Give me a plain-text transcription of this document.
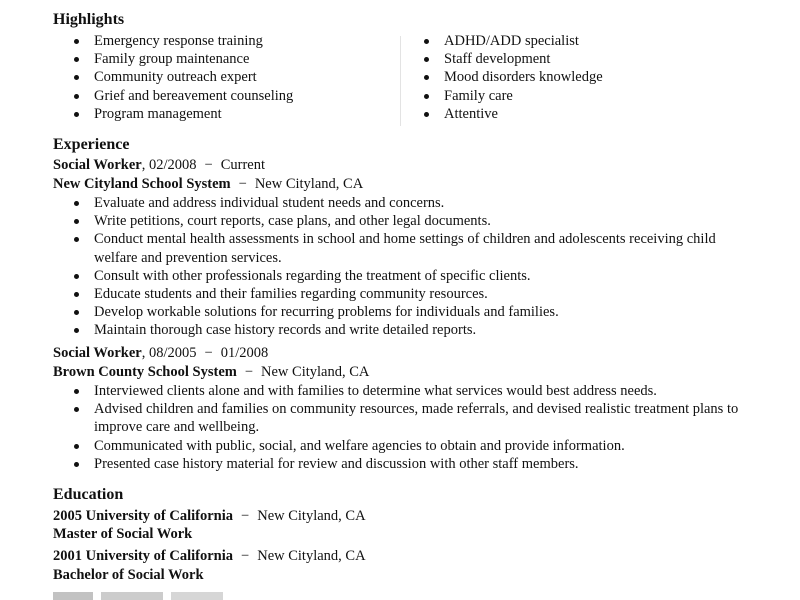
Highlights
Emergency response training
Family group maintenance
Community outreach expert
Grief and bereavement counseling
Program management
ADHD/ADD specialist
Staff development
Mood disorders knowledge
Family care
Attentive
Experience
Social Worker, 02/2008 − Current
New Cityland School System − New Cityland, CA
Evaluate and address individual student needs and concerns.
Write petitions, court reports, case plans, and other legal documents.
Conduct mental health assessments in school and home settings of children and adolescents receiving child welfare and prevention services.
Consult with other professionals regarding the treatment of specific clients.
Educate students and their families regarding community resources.
Develop workable solutions for recurring problems for individuals and families.
Maintain thorough case history records and write detailed reports.
Social Worker, 08/2005 − 01/2008
Brown County School System − New Cityland, CA
Interviewed clients alone and with families to determine what services would best address needs.
Advised children and families on community resources, made referrals, and devised realistic treatment plans to improve care and wellbeing.
Communicated with public, social, and welfare agencies to obtain and provide information.
Presented case history material for review and discussion with other staff members.
Education
2005 University of California − New Cityland, CA
Master of Social Work
2001 University of California − New Cityland, CA
Bachelor of Social Work
